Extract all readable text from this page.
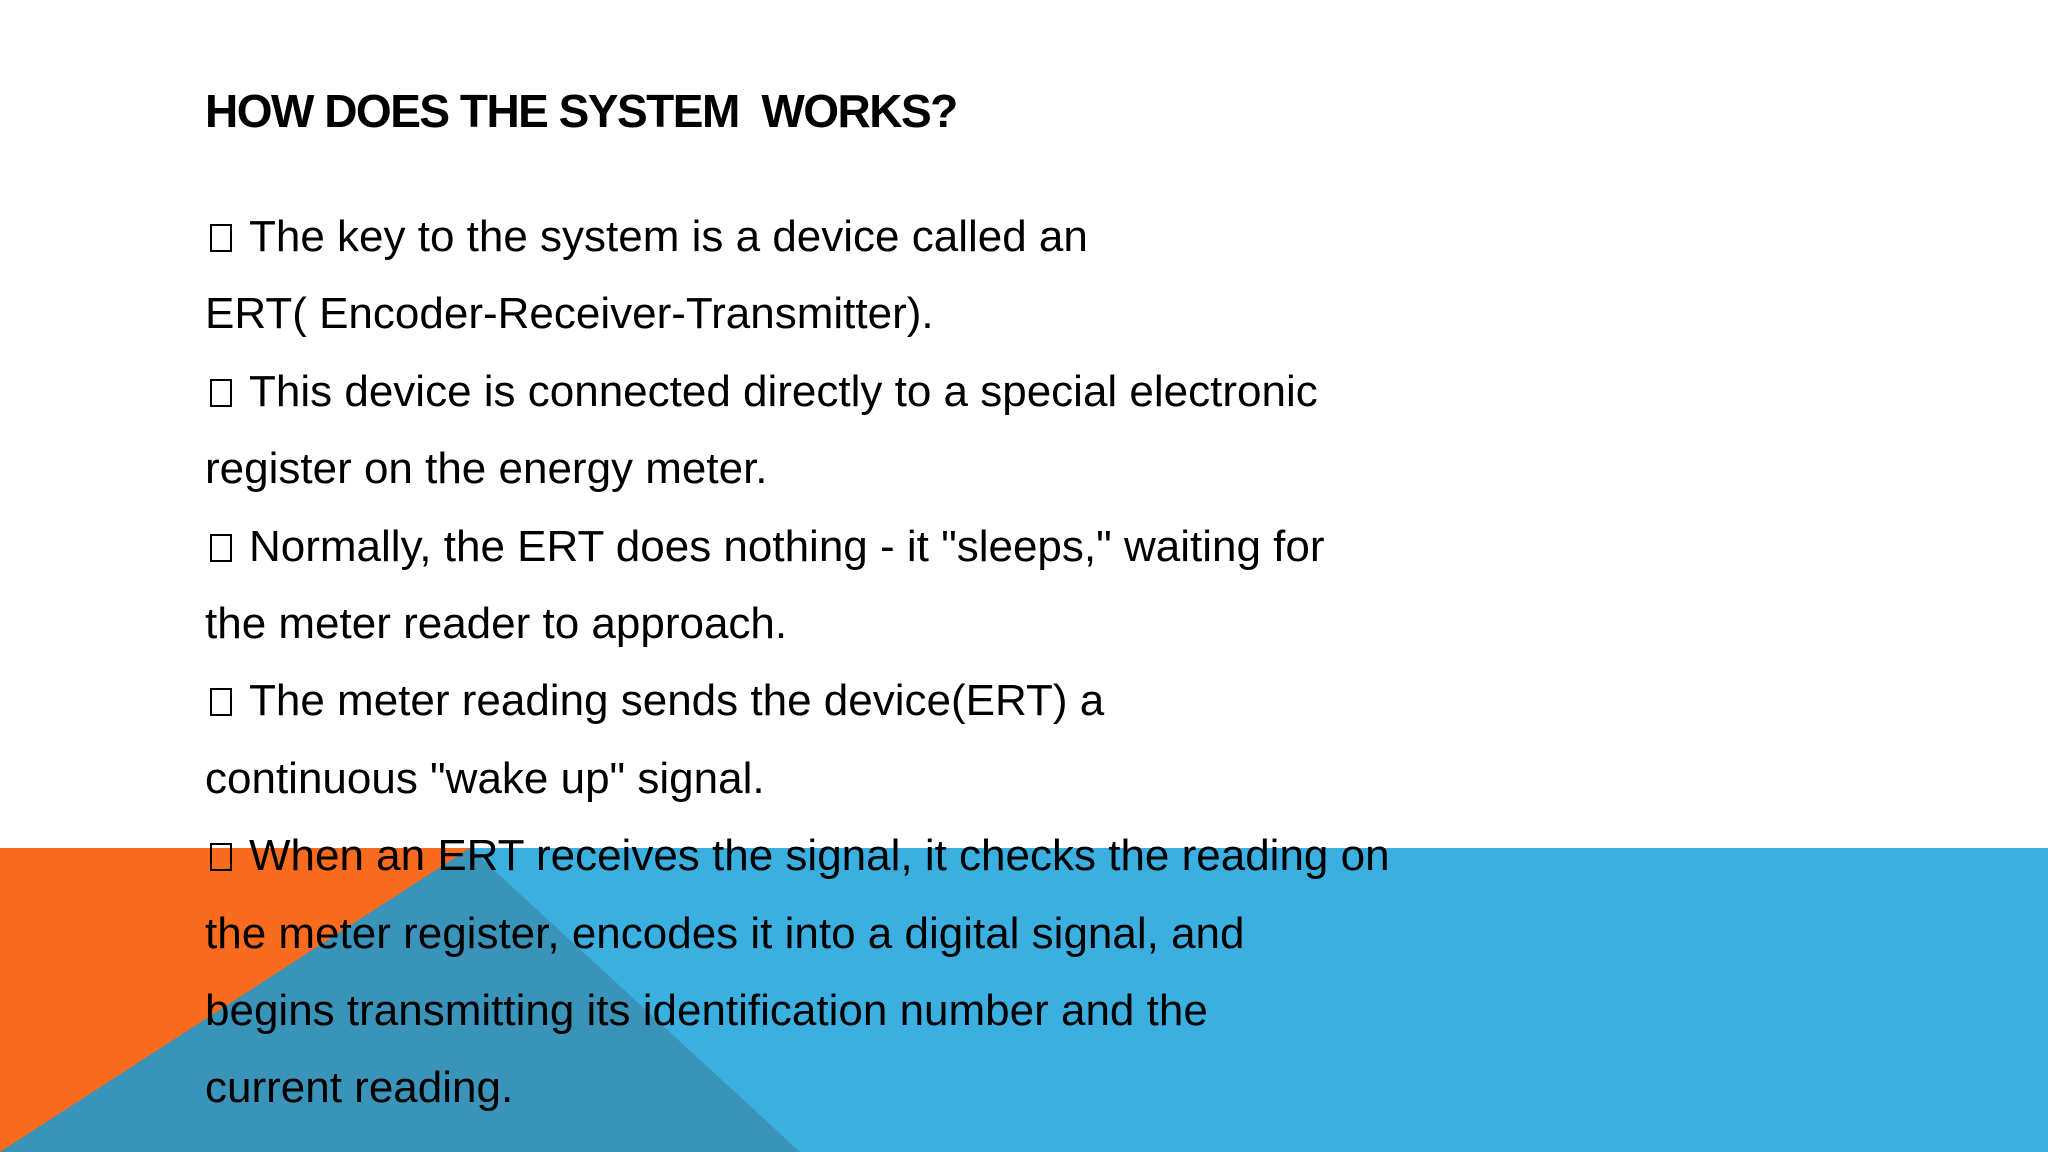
HOW DOES THE SYSTEM  WORKS?
The key to the system is a device called an
ERT( Encoder-Receiver-Transmitter).
This device is connected directly to a special electronic
register on the energy meter.
Normally, the ERT does nothing - it "sleeps," waiting for
the meter reader to approach.
The meter reading sends the device(ERT) a
continuous "wake up" signal.
When an ERT receives the signal, it checks the reading on
the meter register, encodes it into a digital signal, and
begins transmitting its identification number and the
current reading.
